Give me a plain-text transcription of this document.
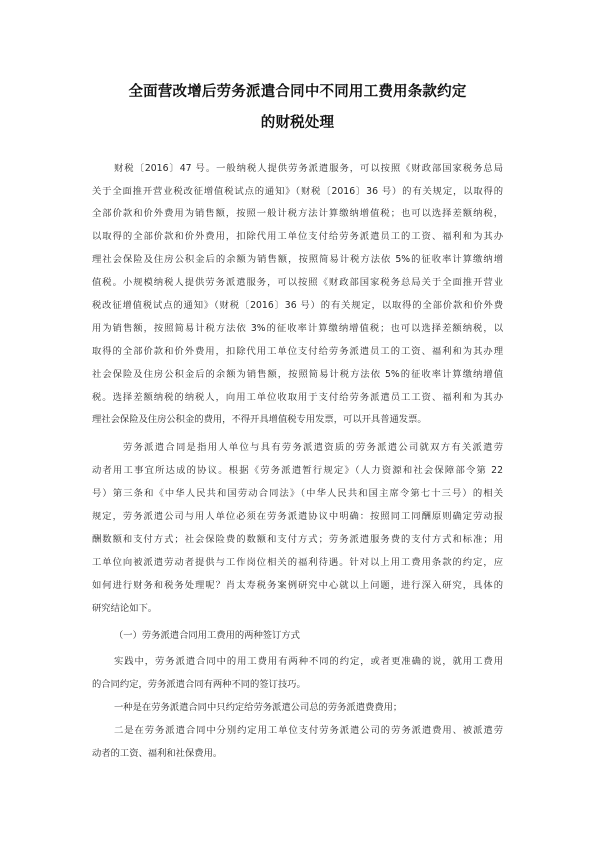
全面营改增后劳务派遣合同中不同用工费用条款约定
的财税处理
财税〔2016〕47 号。一般纳税人提供劳务派遣服务，可以按照《财政部国家税务总局
关于全面推开营业税改征增值税试点的通知》（财税〔2016〕36 号）的有关规定，以取得的
全部价款和价外费用为销售额，按照一般计税方法计算缴纳增值税；也可以选择差额纳税，
以取得的全部价款和价外费用，扣除代用工单位支付给劳务派遣员工的工资、福利和为其办
理社会保险及住房公积金后的余额为销售额，按照简易计税方法依 5%的征收率计算缴纳增
值税。小规模纳税人提供劳务派遣服务，可以按照《财政部国家税务总局关于全面推开营业
税改征增值税试点的通知》（财税〔2016〕36 号）的有关规定，以取得的全部价款和价外费
用为销售额，按照简易计税方法依 3%的征收率计算缴纳增值税；也可以选择差额纳税，以
取得的全部价款和价外费用，扣除代用工单位支付给劳务派遣员工的工资、福利和为其办理
社会保险及住房公积金后的余额为销售额，按照简易计税方法依 5%的征收率计算缴纳增值
税。选择差额纳税的纳税人，向用工单位收取用于支付给劳务派遣员工工资、福利和为其办
理社会保险及住房公积金的费用，不得开具增值税专用发票，可以开具普通发票。
劳务派遣合同是指用人单位与具有劳务派遣资质的劳务派遣公司就双方有关派遣劳
动者用工事宜所达成的协议。根据《劳务派遣暂行规定》（人力资源和社会保障部令第 22
号）第三条和《中华人民共和国劳动合同法》（中华人民共和国主席令第七十三号）的相关
规定，劳务派遣公司与用人单位必须在劳务派遣协议中明确：按照同工同酬原则确定劳动报
酬数额和支付方式；社会保险费的数额和支付方式；劳务派遣服务费的支付方式和标准；用
工单位向被派遣劳动者提供与工作岗位相关的福利待遇。针对以上用工费用条款的约定，应
如何进行财务和税务处理呢？肖太寿税务案例研究中心就以上问题，进行深入研究，具体的
研究结论如下。
（一）劳务派遣合同用工费用的两种签订方式
实践中，劳务派遣合同中的用工费用有两种不同的约定，或者更准确的说，就用工费用
的合同约定，劳务派遣合同有两种不同的签订技巧。
一种是在劳务派遣合同中只约定给劳务派遣公司总的劳务派遣费费用；
二是在劳务派遣合同中分别约定用工单位支付劳务派遣公司的劳务派遣费用、被派遣劳
动者的工资、福利和社保费用。
